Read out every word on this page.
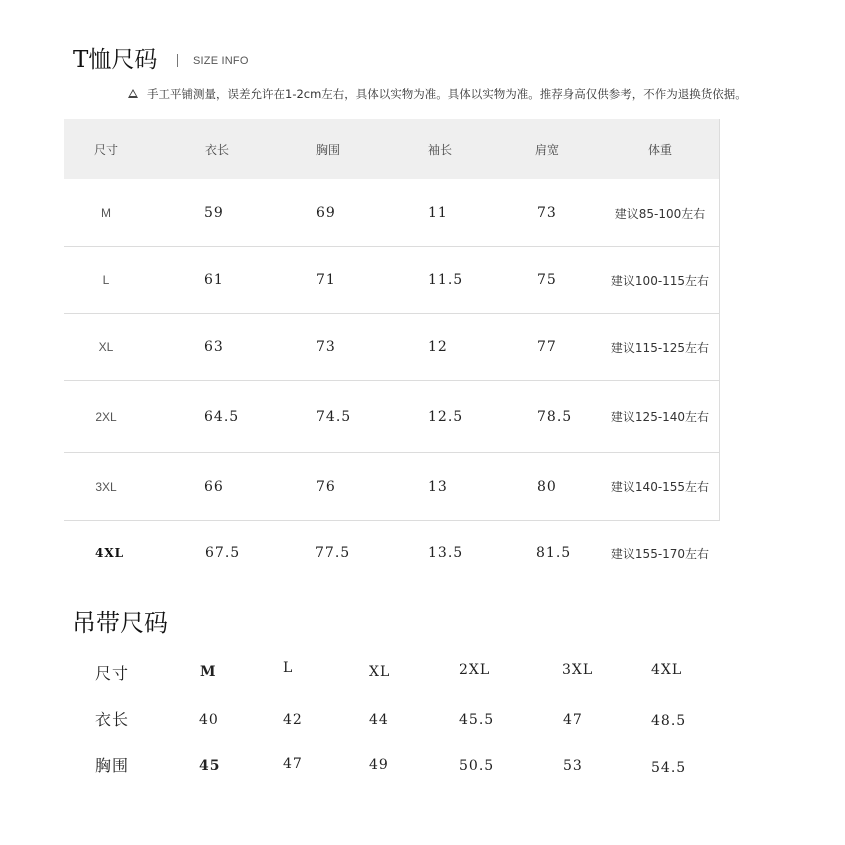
T恤尺码	SIZE INFO
手工平铺测量，误差允许在1-2cm左右，具体以实物为准。具体以实物为准。推荐身高仅供参考，不作为退换货依据。
尺寸	衣长	胸围	袖长	肩宽	体重
M	59	69	11	73	建议85-100左右
L	61	71	11.5	75	建议100-115左右
XL	63	73	12	77	建议115-125左右
2XL	64.5	74.5	12.5	78.5	建议125-140左右
3XL	66	76	13	80	建议140-155左右
4XL	67.5	77.5	13.5	81.5	建议155-170左右
吊带尺码
尺寸	M	L	XL	2XL	3XL	4XL
衣长	40	42	44	45.5	47	48.5
胸围	45	47	49	50.5	53	54.5
